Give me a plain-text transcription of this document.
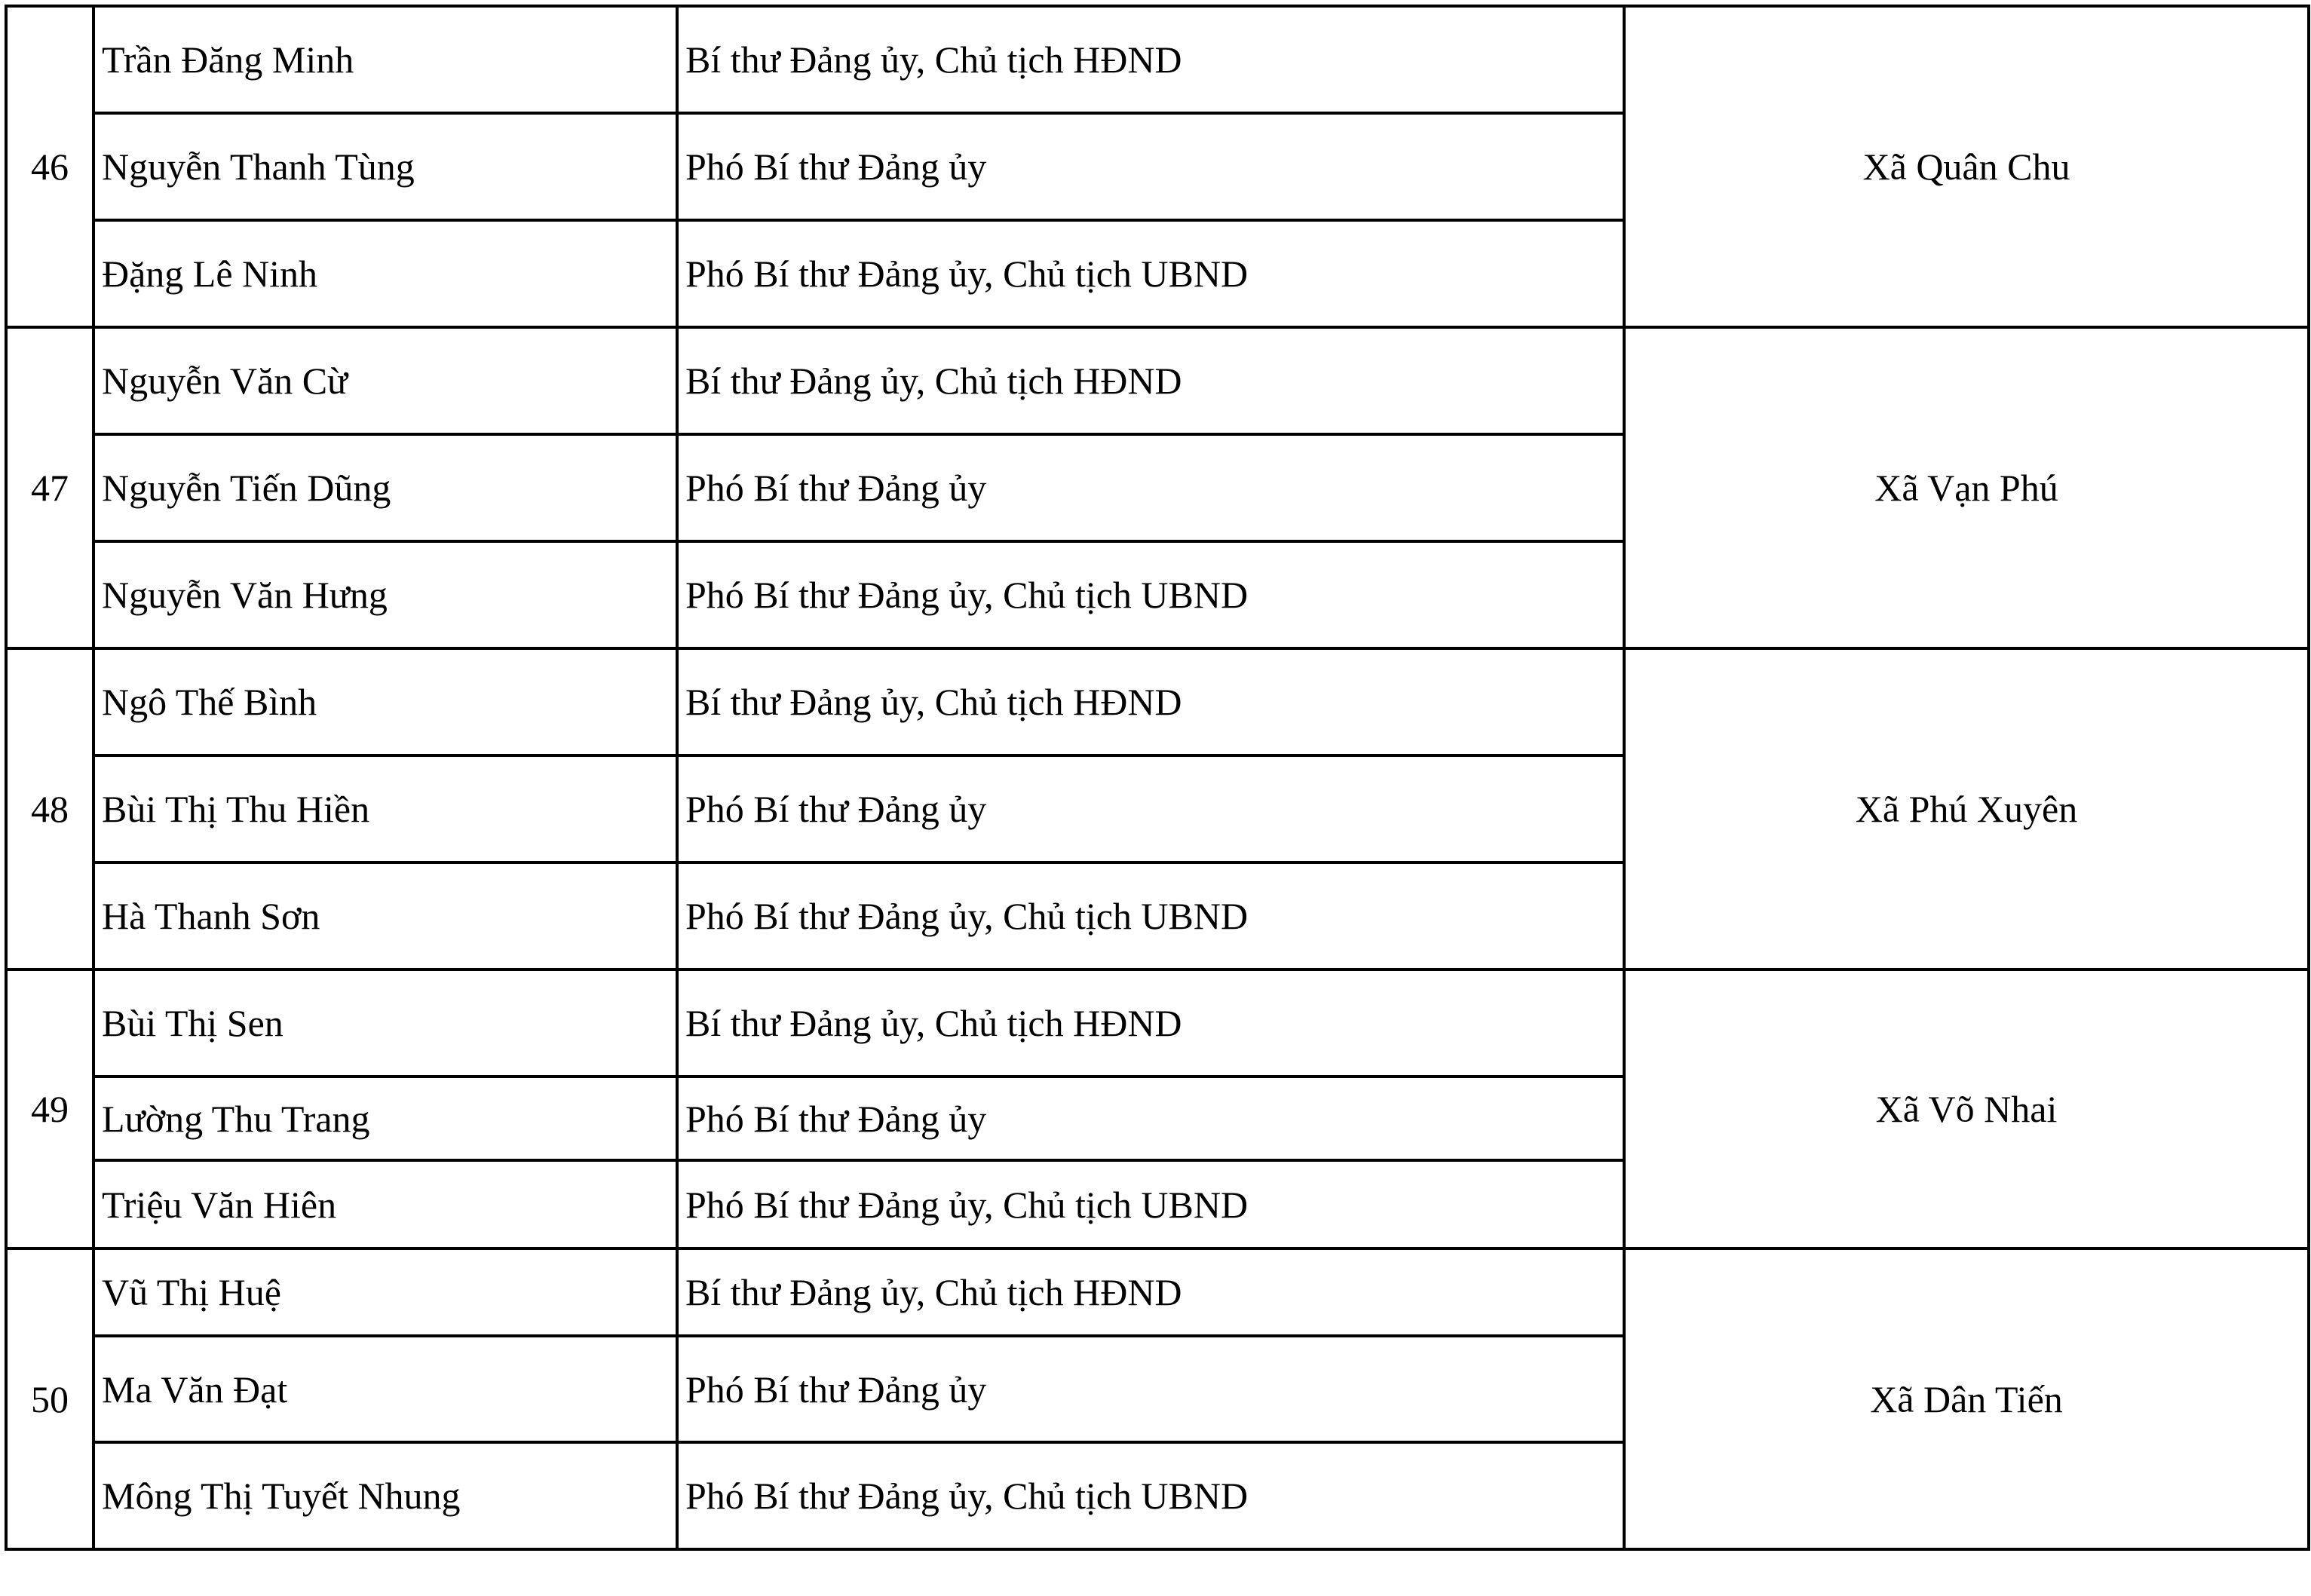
46	Trần Đăng Minh	Bí thư Đảng ủy, Chủ tịch HĐND	Xã Quân Chu
	Nguyễn Thanh Tùng	Phó Bí thư Đảng ủy	
	Đặng Lê Ninh	Phó Bí thư Đảng ủy, Chủ tịch UBND	
47	Nguyễn Văn Cừ	Bí thư Đảng ủy, Chủ tịch HĐND	Xã Vạn Phú
	Nguyễn Tiến Dũng	Phó Bí thư Đảng ủy	
	Nguyễn Văn Hưng	Phó Bí thư Đảng ủy, Chủ tịch UBND	
48	Ngô Thế Bình	Bí thư Đảng ủy, Chủ tịch HĐND	Xã Phú Xuyên
	Bùi Thị Thu Hiền	Phó Bí thư Đảng ủy	
	Hà Thanh Sơn	Phó Bí thư Đảng ủy, Chủ tịch UBND	
49	Bùi Thị Sen	Bí thư Đảng ủy, Chủ tịch HĐND	Xã Võ Nhai
	Lường Thu Trang	Phó Bí thư Đảng ủy	
	Triệu Văn Hiên	Phó Bí thư Đảng ủy, Chủ tịch UBND	
50	Vũ Thị Huệ	Bí thư Đảng ủy, Chủ tịch HĐND	Xã Dân Tiến
	Ma Văn Đạt	Phó Bí thư Đảng ủy	
	Mông Thị Tuyết Nhung	Phó Bí thư Đảng ủy, Chủ tịch UBND	
